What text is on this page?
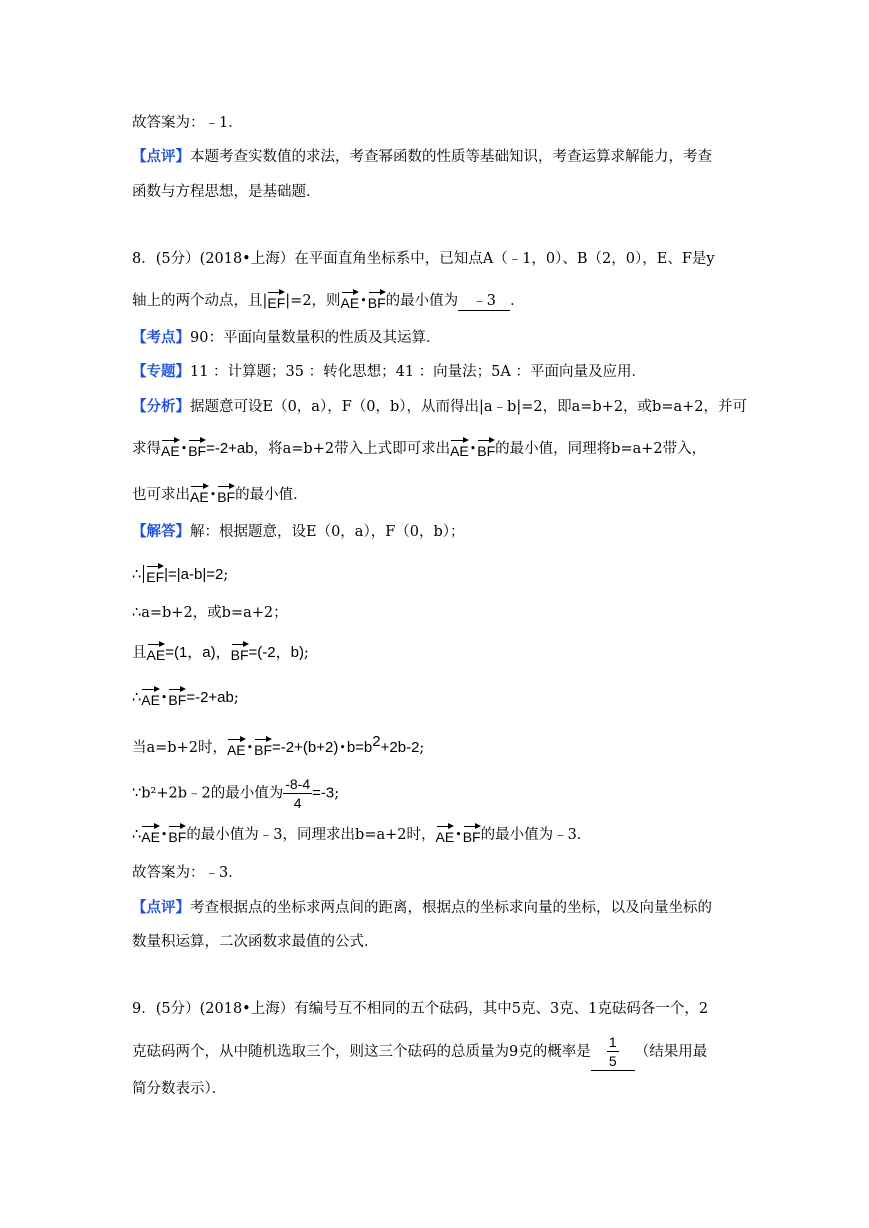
故答案为：﹣1．
【点评】本题考查实数值的求法，考查幂函数的性质等基础知识，考查运算求解能力，考查
函数与方程思想，是基础题．
8．(5分）(2018•上海）在平面直角坐标系中，已知点A（﹣1，0）、B（2，0），E、F是y
轴上的两个动点，且|EF|=2，则AE•BF的最小值为 ﹣3 ．
【考点】90：平面向量数量积的性质及其运算．
【专题】11 ：计算题；35 ：转化思想；41 ：向量法；5A ：平面向量及应用．
【分析】据题意可设E（0，a），F（0，b），从而得出|a﹣b|=2，即a=b+2，或b=a+2，并可
求得AE•BF=-2+ab，将a=b+2带入上式即可求出AE•BF的最小值，同理将b=a+2带入，
也可求出AE•BF的最小值．
【解答】解：根据题意，设E（0，a），F（0，b）；
∴ EF|=|a-b|=2;
∴a=b+2，或b=a+2；
且AE=(1，a)，BF=(-2，b);
∴AE•BF=-2+ab;
当a=b+2时，$AE•BF=-2+(b+2)•b=b^2+2b-2$;
∵b²+2b﹣2的最小值为 $\frac{-8-4}{4} =-3$;
∴AE•BF的最小值为﹣3，同理求出b=a+2时，AE•BF的最小值为﹣3．
故答案为：﹣3．
【点评】考查根据点的坐标求两点间的距离，根据点的坐标求向量的坐标，以及向量坐标的
数量积运算，二次函数求最值的公式．
9．(5分）(2018•上海）有编号互不相同的五个砝码，其中5克、3克、1克砝码各一个，2
克砝码两个，从中随机选取三个，则这三个砝码的总质量为9克的概率是 $\frac{1}{5}$ （结果用最
简分数表示）．
